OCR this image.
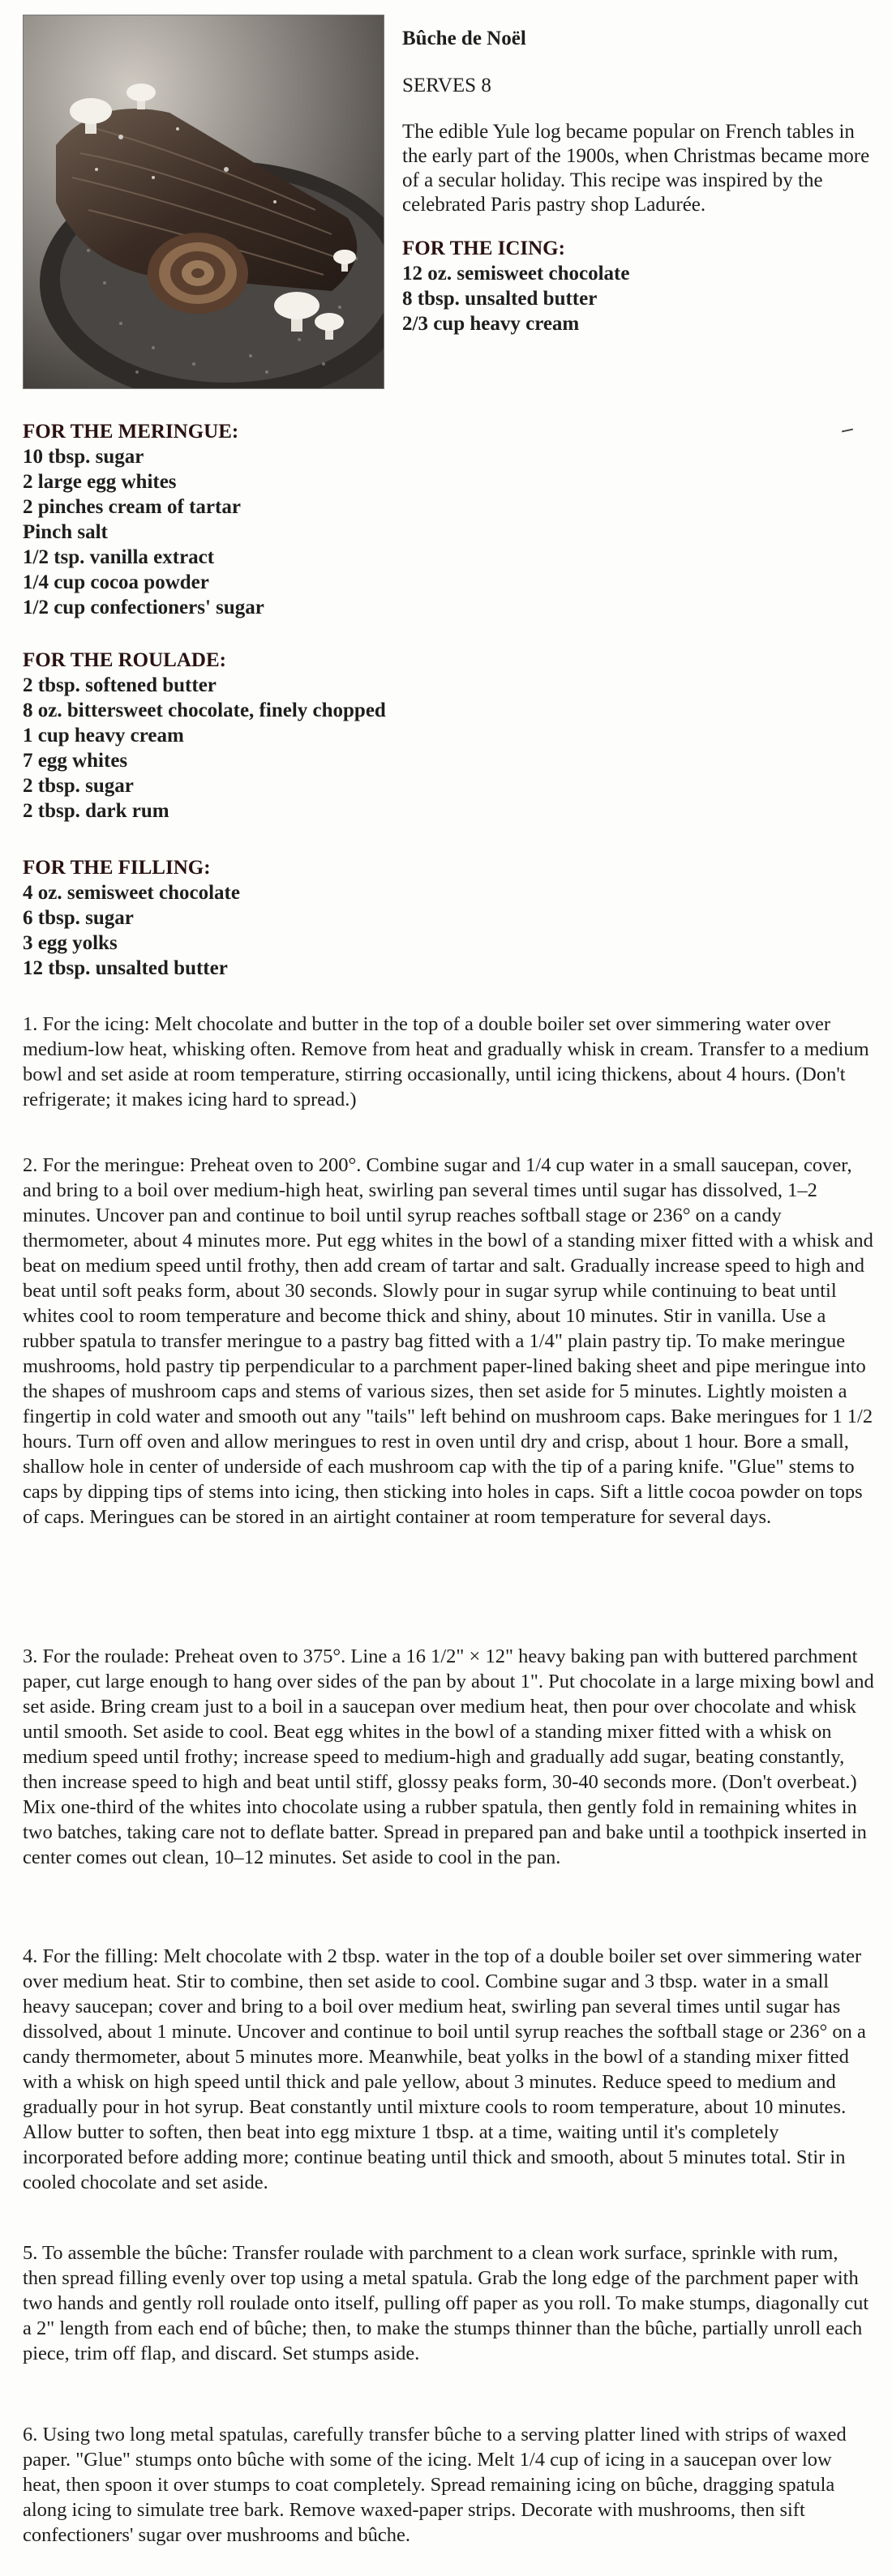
Bûche de Noël

SERVES 8

The edible Yule log became popular on French tables in the early part of the 1900s, when Christmas became more of a secular holiday. This recipe was inspired by the celebrated Paris pastry shop Ladurée.

FOR THE ICING:

12 oz. semisweet chocolate
8 tbsp. unsalted butter
2/3 cup heavy cream

FOR THE MERINGUE:

10 tbsp. sugar
2 large egg whites
2 pinches cream of tartar
Pinch salt
1/2 tsp. vanilla extract
1/4 cup cocoa powder
1/2 cup confectioners' sugar

FOR THE ROULADE:

2 tbsp. softened butter
8 oz. bittersweet chocolate, finely chopped
1 cup heavy cream
7 egg whites
2 tbsp. sugar
2 tbsp. dark rum

FOR THE FILLING:

4 oz. semisweet chocolate
6 tbsp. sugar
3 egg yolks
12 tbsp. unsalted butter

1. For the icing: Melt chocolate and butter in the top of a double boiler set over simmering water over medium-low heat, whisking often. Remove from heat and gradually whisk in cream. Transfer to a medium bowl and set aside at room temperature, stirring occasionally, until icing thickens, about 4 hours. (Don't refrigerate; it makes icing hard to spread.)

2. For the meringue: Preheat oven to 200°. Combine sugar and 1/4 cup water in a small saucepan, cover, and bring to a boil over medium-high heat, swirling pan several times until sugar has dissolved, 1–2 minutes. Uncover pan and continue to boil until syrup reaches softball stage or 236° on a candy thermometer, about 4 minutes more. Put egg whites in the bowl of a standing mixer fitted with a whisk and beat on medium speed until frothy, then add cream of tartar and salt. Gradually increase speed to high and beat until soft peaks form, about 30 seconds. Slowly pour in sugar syrup while continuing to beat until whites cool to room temperature and become thick and shiny, about 10 minutes. Stir in vanilla. Use a rubber spatula to transfer meringue to a pastry bag fitted with a 1/4" plain pastry tip. To make meringue mushrooms, hold pastry tip perpendicular to a parchment paper-lined baking sheet and pipe meringue into the shapes of mushroom caps and stems of various sizes, then set aside for 5 minutes. Lightly moisten a fingertip in cold water and smooth out any "tails" left behind on mushroom caps. Bake meringues for 1 1/2 hours. Turn off oven and allow meringues to rest in oven until dry and crisp, about 1 hour. Bore a small, shallow hole in center of underside of each mushroom cap with the tip of a paring knife. "Glue" stems to caps by dipping tips of stems into icing, then sticking into holes in caps. Sift a little cocoa powder on tops of caps. Meringues can be stored in an airtight container at room temperature for several days.

3. For the roulade: Preheat oven to 375°. Line a 16 1/2" × 12" heavy baking pan with buttered parchment paper, cut large enough to hang over sides of the pan by about 1". Put chocolate in a large mixing bowl and set aside. Bring cream just to a boil in a saucepan over medium heat, then pour over chocolate and whisk until smooth. Set aside to cool. Beat egg whites in the bowl of a standing mixer fitted with a whisk on medium speed until frothy; increase speed to medium-high and gradually add sugar, beating constantly, then increase speed to high and beat until stiff, glossy peaks form, 30-40 seconds more. (Don't overbeat.) Mix one-third of the whites into chocolate using a rubber spatula, then gently fold in remaining whites in two batches, taking care not to deflate batter. Spread in prepared pan and bake until a toothpick inserted in center comes out clean, 10–12 minutes. Set aside to cool in the pan.

4. For the filling: Melt chocolate with 2 tbsp. water in the top of a double boiler set over simmering water over medium heat. Stir to combine, then set aside to cool. Combine sugar and 3 tbsp. water in a small heavy saucepan; cover and bring to a boil over medium heat, swirling pan several times until sugar has dissolved, about 1 minute. Uncover and continue to boil until syrup reaches the softball stage or 236° on a candy thermometer, about 5 minutes more. Meanwhile, beat yolks in the bowl of a standing mixer fitted with a whisk on high speed until thick and pale yellow, about 3 minutes. Reduce speed to medium and gradually pour in hot syrup. Beat constantly until mixture cools to room temperature, about 10 minutes. Allow butter to soften, then beat into egg mixture 1 tbsp. at a time, waiting until it's completely incorporated before adding more; continue beating until thick and smooth, about 5 minutes total. Stir in cooled chocolate and set aside.

5. To assemble the bûche: Transfer roulade with parchment to a clean work surface, sprinkle with rum, then spread filling evenly over top using a metal spatula. Grab the long edge of the parchment paper with two hands and gently roll roulade onto itself, pulling off paper as you roll. To make stumps, diagonally cut a 2" length from each end of bûche; then, to make the stumps thinner than the bûche, partially unroll each piece, trim off flap, and discard. Set stumps aside.

6. Using two long metal spatulas, carefully transfer bûche to a serving platter lined with strips of waxed paper. "Glue" stumps onto bûche with some of the icing. Melt 1/4 cup of icing in a saucepan over low heat, then spoon it over stumps to coat completely. Spread remaining icing on bûche, dragging spatula along icing to simulate tree bark. Remove waxed-paper strips. Decorate with mushrooms, then sift confectioners' sugar over mushrooms and bûche.
